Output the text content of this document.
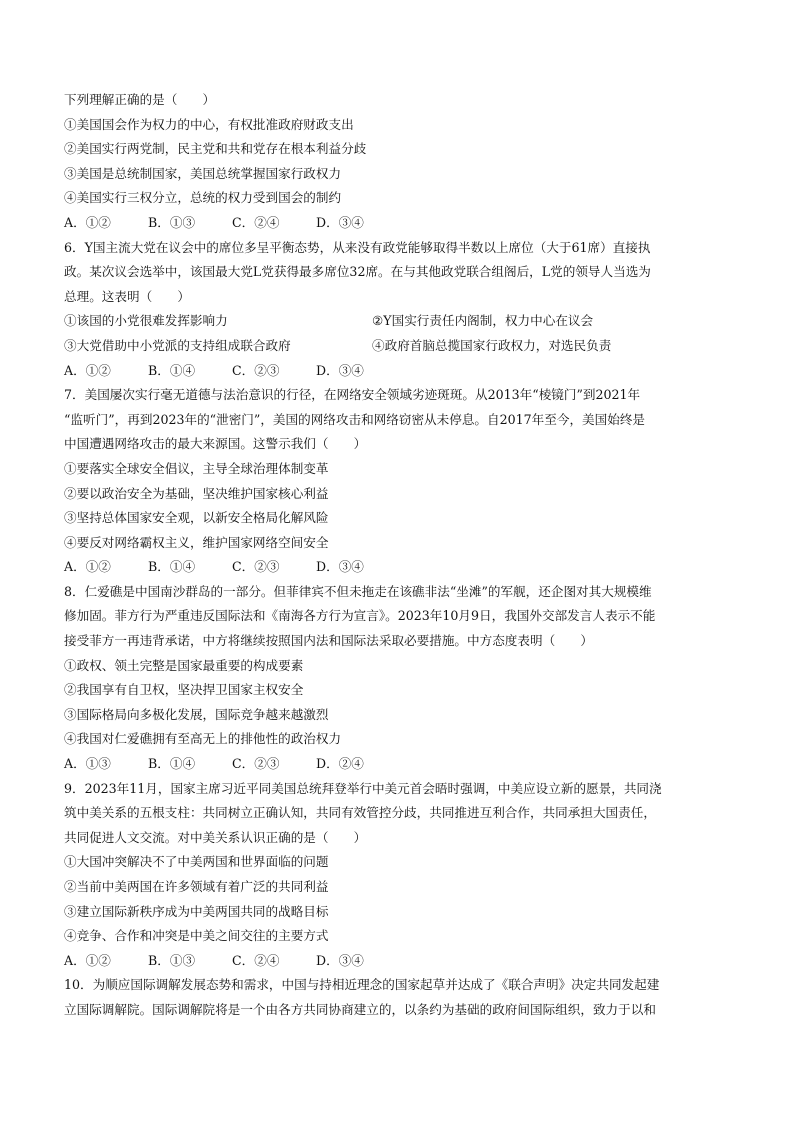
下列理解正确的是（　　）
①美国国会作为权力的中心，有权批准政府财政支出
②美国实行两党制，民主党和共和党存在根本利益分歧
③美国是总统制国家，美国总统掌握国家行政权力
④美国实行三权分立，总统的权力受到国会的制约
A．①②	B．①③	C．②④	D．③④
6．Y国主流大党在议会中的席位多呈平衡态势，从来没有政党能够取得半数以上席位（大于61席）直接执
政。某次议会选举中，该国最大党L党获得最多席位32席。在与其他政党联合组阁后，L党的领导人当选为
总理。这表明（　　）
①该国的小党很难发挥影响力	②Y国实行责任内阁制，权力中心在议会
③大党借助中小党派的支持组成联合政府	④政府首脑总揽国家行政权力，对选民负责
A．①②	B．①④	C．②③	D．③④
7．美国屡次实行毫无道德与法治意识的行径，在网络安全领域劣迹斑斑。从2013年“棱镜门”到2021年
“监听门”，再到2023年的“泄密门”，美国的网络攻击和网络窃密从未停息。自2017年至今，美国始终是
中国遭遇网络攻击的最大来源国。这警示我们（　　）
①要落实全球安全倡议，主导全球治理体制变革
②要以政治安全为基础，坚决维护国家核心利益
③坚持总体国家安全观，以新安全格局化解风险
④要反对网络霸权主义，维护国家网络空间安全
A．①②	B．①④	C．②③	D．③④
8．仁爱礁是中国南沙群岛的一部分。但菲律宾不但未拖走在该礁非法“坐滩”的军舰，还企图对其大规模维
修加固。菲方行为严重违反国际法和《南海各方行为宣言》。2023年10月9日，我国外交部发言人表示不能
接受菲方一再违背承诺，中方将继续按照国内法和国际法采取必要措施。中方态度表明（　　）
①政权、领土完整是国家最重要的构成要素
②我国享有自卫权，坚决捍卫国家主权安全
③国际格局向多极化发展，国际竞争越来越激烈
④我国对仁爱礁拥有至高无上的排他性的政治权力
A．①③	B．①④	C．②③	D．②④
9．2023年11月，国家主席习近平同美国总统拜登举行中美元首会晤时强调，中美应设立新的愿景，共同浇
筑中美关系的五根支柱：共同树立正确认知，共同有效管控分歧，共同推进互利合作，共同承担大国责任，
共同促进人文交流。对中美关系认识正确的是（　　）
①大国冲突解决不了中美两国和世界面临的问题
②当前中美两国在许多领域有着广泛的共同利益
③建立国际新秩序成为中美两国共同的战略目标
④竞争、合作和冲突是中美之间交往的主要方式
A．①②	B．①③	C．②④	D．③④
10．为顺应国际调解发展态势和需求，中国与持相近理念的国家起草并达成了《联合声明》决定共同发起建
立国际调解院。国际调解院将是一个由各方共同协商建立的，以条约为基础的政府间国际组织，致力于以和
